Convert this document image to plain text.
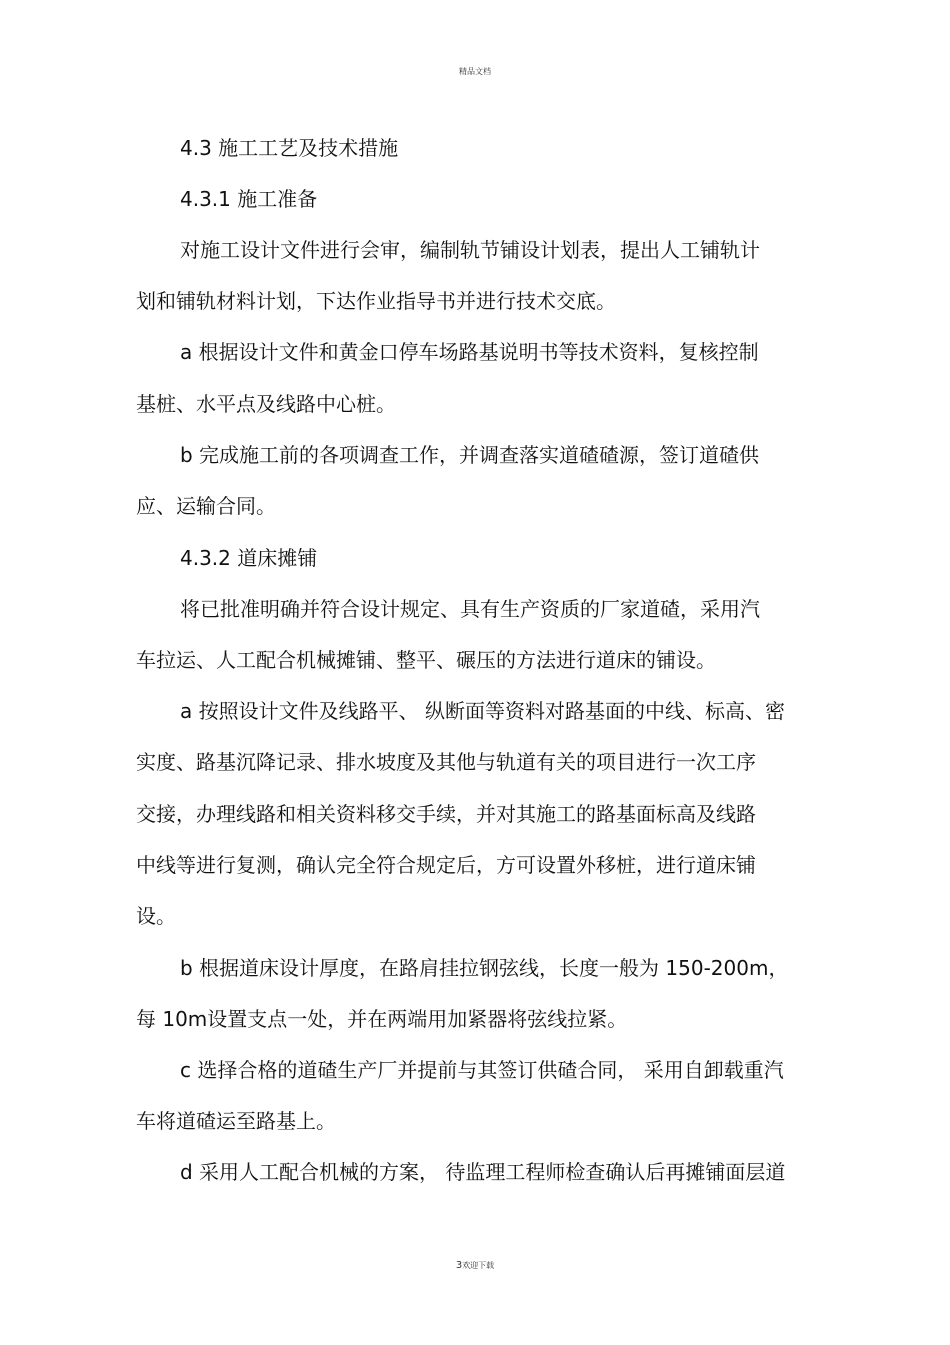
精品文档
4.3 施工工艺及技术措施
4.3.1 施工准备
对施工设计文件进行会审，编制轨节铺设计划表，提出人工铺轨计
划和铺轨材料计划，下达作业指导书并进行技术交底。
a 根据设计文件和黄金口停车场路基说明书等技术资料，复核控制
基桩、水平点及线路中心桩。
b 完成施工前的各项调查工作，并调查落实道碴碴源，签订道碴供
应、运输合同。
4.3.2 道床摊铺
将已批准明确并符合设计规定、具有生产资质的厂家道碴，采用汽
车拉运、人工配合机械摊铺、整平、碾压的方法进行道床的铺设。
a 按照设计文件及线路平、 纵断面等资料对路基面的中线、标高、密
实度、路基沉降记录、排水坡度及其他与轨道有关的项目进行一次工序
交接，办理线路和相关资料移交手续，并对其施工的路基面标高及线路
中线等进行复测，确认完全符合规定后，方可设置外移桩，进行道床铺
设。
b 根据道床设计厚度，在路肩挂拉钢弦线，长度一般为 150-200m，
每 10m设置支点一处，并在两端用加紧器将弦线拉紧。
c 选择合格的道碴生产厂并提前与其签订供碴合同， 采用自卸载重汽
车将道碴运至路基上。
d 采用人工配合机械的方案， 待监理工程师检查确认后再摊铺面层道
3欢迎下载
